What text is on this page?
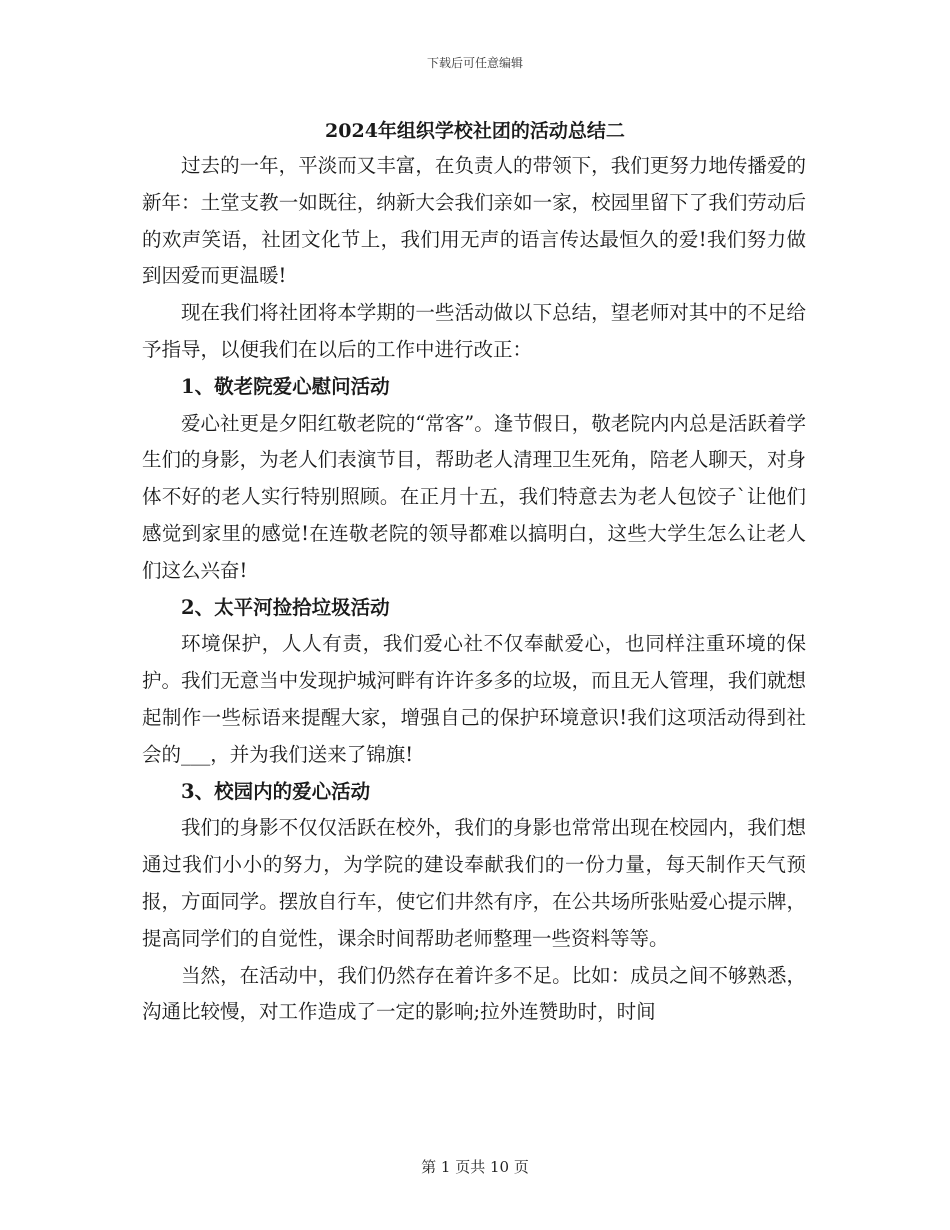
下载后可任意编辑
2024年组织学校社团的活动总结二

过去的一年，平淡而又丰富，在负责人的带领下，我们更努力地传播爱的新年：土堂支教一如既往，纳新大会我们亲如一家，校园里留下了我们劳动后的欢声笑语，社团文化节上，我们用无声的语言传达最恒久的爱!我们努力做到因爱而更温暖!

现在我们将社团将本学期的一些活动做以下总结，望老师对其中的不足给予指导，以便我们在以后的工作中进行改正：

1、敬老院爱心慰问活动

爱心社更是夕阳红敬老院的“常客”。逢节假日，敬老院内内总是活跃着学生们的身影，为老人们表演节目，帮助老人清理卫生死角，陪老人聊天，对身体不好的老人实行特别照顾。在正月十五，我们特意去为老人包饺子`让他们感觉到家里的感觉!在连敬老院的领导都难以搞明白，这些大学生怎么让老人们这么兴奋!

2、太平河捡拾垃圾活动

环境保护，人人有责，我们爱心社不仅奉献爱心，也同样注重环境的保护。我们无意当中发现护城河畔有许许多多的垃圾，而且无人管理，我们就想起制作一些标语来提醒大家，增强自己的保护环境意识!我们这项活动得到社会的___，并为我们送来了锦旗!

3、校园内的爱心活动

我们的身影不仅仅活跃在校外，我们的身影也常常出现在校园内，我们想通过我们小小的努力，为学院的建设奉献我们的一份力量，每天制作天气预报，方面同学。摆放自行车，使它们井然有序，在公共场所张贴爱心提示牌，提高同学们的自觉性，课余时间帮助老师整理一些资料等等。

当然，在活动中，我们仍然存在着许多不足。比如：成员之间不够熟悉，沟通比较慢，对工作造成了一定的影响;拉外连赞助时，时间

第 1 页共 10 页
